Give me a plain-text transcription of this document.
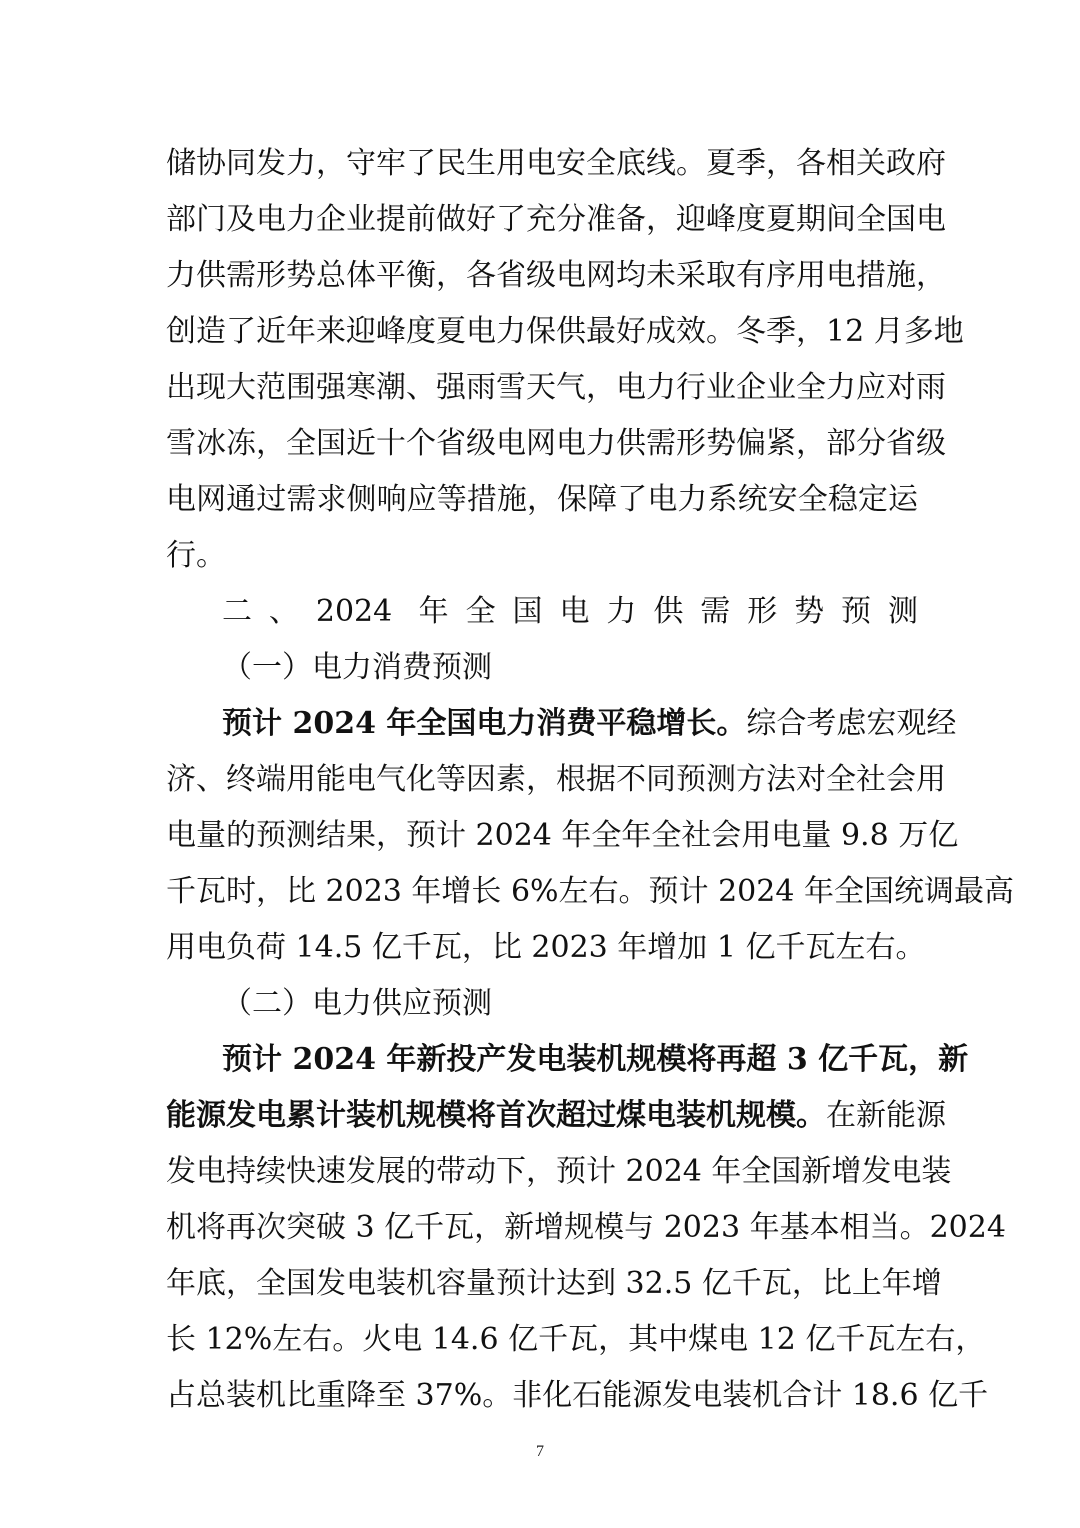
储协同发力，守牢了民生用电安全底线。夏季，各相关政府
部门及电力企业提前做好了充分准备，迎峰度夏期间全国电
力供需形势总体平衡，各省级电网均未采取有序用电措施，
创造了近年来迎峰度夏电力保供最好成效。冬季，12 月多地
出现大范围强寒潮、强雨雪天气，电力行业企业全力应对雨
雪冰冻，全国近十个省级电网电力供需形势偏紧，部分省级
电网通过需求侧响应等措施，保障了电力系统安全稳定运
行。
二、2024 年全国电力供需形势预测
（一）电力消费预测
预计 2024 年全国电力消费平稳增长。综合考虑宏观经
济、终端用能电气化等因素，根据不同预测方法对全社会用
电量的预测结果，预计 2024 年全年全社会用电量 9.8 万亿
千瓦时，比 2023 年增长 6%左右。预计 2024 年全国统调最高
用电负荷 14.5 亿千瓦，比 2023 年增加 1 亿千瓦左右。
（二）电力供应预测
预计 2024 年新投产发电装机规模将再超 3 亿千瓦，新
能源发电累计装机规模将首次超过煤电装机规模。在新能源
发电持续快速发展的带动下，预计 2024 年全国新增发电装
机将再次突破 3 亿千瓦，新增规模与 2023 年基本相当。2024
年底，全国发电装机容量预计达到 32.5 亿千瓦，比上年增
长 12%左右。火电 14.6 亿千瓦，其中煤电 12 亿千瓦左右，
占总装机比重降至 37%。非化石能源发电装机合计 18.6 亿千
7
